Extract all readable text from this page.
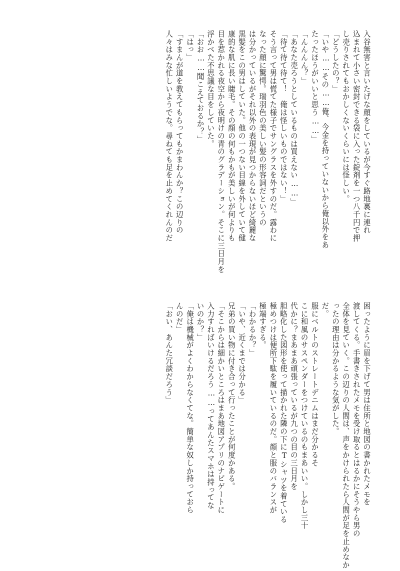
入谷無害と言いたげな顔をしているが今すぐ路地裏に連れ
込まれて小さい密封できる袋に入った錠剤を一つ八千円で押
し売りされてもおかしくないくらいには怪しい。
「どうしたの？」
「いや……その……俺、今金を持っていないから俺以外をあ
たったほうがいいと思う……」
「んんんん？」
「あなた売ろうとしているものは買えない……」
「待て待て待て！　俺は怪しいものではない！」
そう言って男は慌てた様子でサングラスを外すのだ。露わに
なった顔に驚愕。瑞羽色の美しい髪の形容詞だというの
は分かっているがそれ以外の表現が見つからないほど綺麗な
黒髪をこの男はしていた。他の一つない目線を外していて健
康的な肌に長い睫毛。その顔の何もかもが美しいが何よりも
目を惹かれる夜空から夜明けの青のグラデーション。そこに三日月を
浮かべた不思議な目をしていた。
「おお……聞こえておるか？」
「はっ」
「すまんが道を教えてもらってもかまわんか？この辺りの
人々はみな忙しいようでな。尋ねても足を止めてくれんのだ
困ったように眉を下げて男は住所と地図の書かれたメモを
渡してくる。手書きされたメモを受け取るとはるかにそうやら男の
全体を見ていく。この辺りの人間は、声をかけられたら人間が足を止めなか
ったの理由は分かるような気がした。
だ。
服にベルトのストレートデニムはまだ分かるそ
こに和風のサスペンダーをつけているのもまあいい。しかし三十
代かに？まあまあ頑張っているが九つの目の三日月を
胆略化した図形を使って描かれた隣の下にTシャツを着ている
極めつけは便所下駄を履いているのだ。顔と服のバランスが
極端すぎる。
「わかるか？」
「いや、近くまでは分かる」
兄弟の買い物に付き合って行ったことが何度かある。
「そこからは細かいところはまあ地図アプリのナビゲートに
入力すればいけるだろう……ってあんたスマホは持ってな
いのか？」
「俺は機械がよくわからなくてな。簡単な奴しか持っておら
んのだ」
「おい、あんた冗談だろう」
